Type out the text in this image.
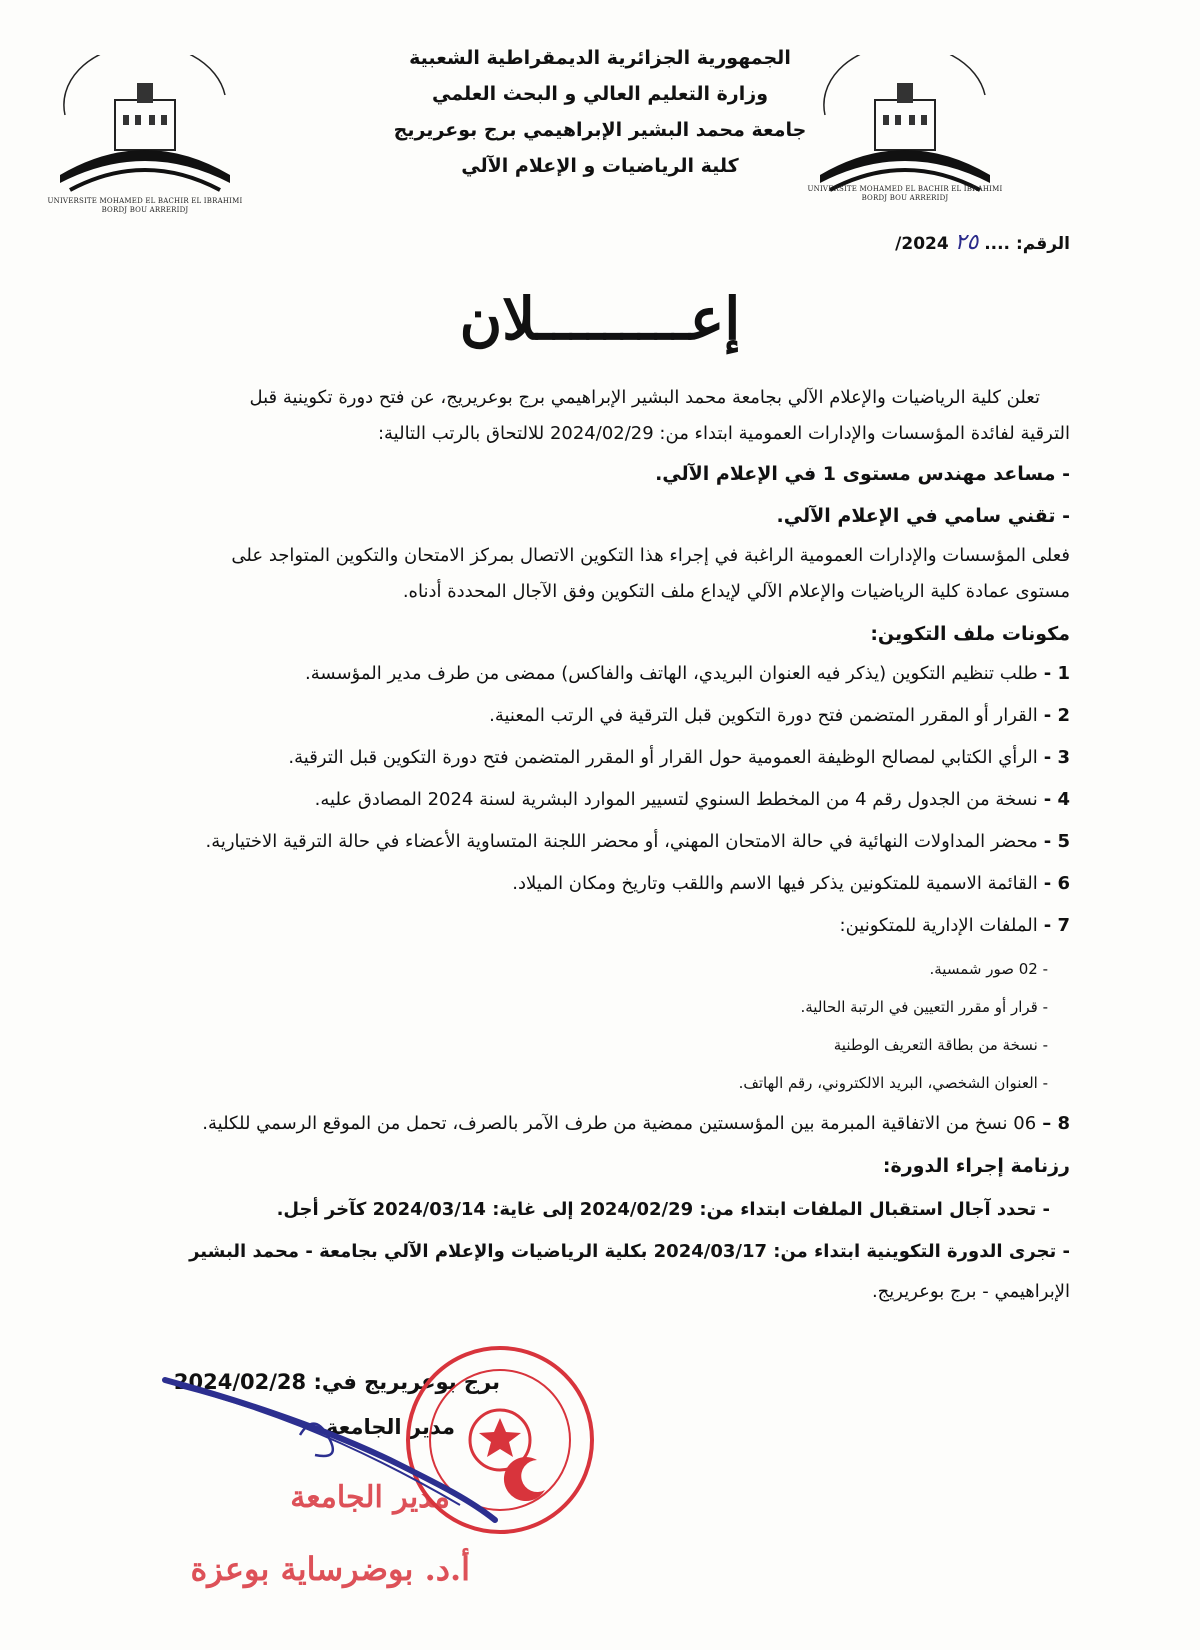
UNIVERSITE MOHAMED EL BACHIR EL IBRAHIMI
BORDJ BOU ARRERIDJ
UNIVERSITE MOHAMED EL BACHIR EL IBRAHIMI
BORDJ BOU ARRERIDJ
الجمهورية الجزائرية الديمقراطية الشعبية
وزارة التعليم العالي و البحث العلمي
جامعة محمد البشير الإبراهيمي برج بوعريريج
كلية الرياضيات و الإعلام الآلي
الرقم: .... ٢٥ /2024
إعـــــــــلان

تعلن كلية الرياضيات والإعلام الآلي بجامعة محمد البشير الإبراهيمي برج بوعريريج، عن فتح دورة تكوينية قبل

الترقية لفائدة المؤسسات والإدارات العمومية ابتداء من: 2024/02/29 للالتحاق بالرتب التالية:

- مساعد مهندس مستوى 1 في الإعلام الآلي.

- تقني سامي في الإعلام الآلي.

فعلى المؤسسات والإدارات العمومية الراغبة في إجراء هذا التكوين الاتصال بمركز الامتحان والتكوين المتواجد على

مستوى عمادة كلية الرياضيات والإعلام الآلي لإيداع ملف التكوين وفق الآجال المحددة أدناه.

مكونات ملف التكوين:

1 -طلب تنظيم التكوين (يذكر فيه العنوان البريدي، الهاتف والفاكس) ممضى من طرف مدير المؤسسة.
2 -القرار أو المقرر المتضمن فتح دورة التكوين قبل الترقية في الرتب المعنية.
3 -الرأي الكتابي لمصالح الوظيفة العمومية حول القرار أو المقرر المتضمن فتح دورة التكوين قبل الترقية.
4 -نسخة من الجدول رقم 4 من المخطط السنوي لتسيير الموارد البشرية لسنة 2024 المصادق عليه.
5 -محضر المداولات النهائية في حالة الامتحان المهني، أو محضر اللجنة المتساوية الأعضاء في حالة الترقية الاختيارية.
6 -القائمة الاسمية للمتكونين يذكر فيها الاسم واللقب وتاريخ ومكان الميلاد.
7 -الملفات الإدارية للمتكونين:
- 02 صور شمسية.
- قرار أو مقرر التعيين في الرتبة الحالية.
- نسخة من بطاقة التعريف الوطنية
- العنوان الشخصي، البريد الالكتروني، رقم الهاتف.
8 –06 نسخ من الاتفاقية المبرمة بين المؤسستين ممضية من طرف الآمر بالصرف، تحمل من الموقع الرسمي للكلية.

رزنامة إجراء الدورة:

- تحدد آجال استقبال الملفات ابتداء من: 2024/02/29 إلى غاية: 2024/03/14 كآخر أجل.

- تجرى الدورة التكوينية ابتداء من: 2024/03/17 بكلية الرياضيات والإعلام الآلي بجامعة - محمد البشير

الإبراهيمي - برج بوعريريج.

برج بوعريريج في: 2024/02/28
مدير الجامعة
مدير الجامعة
أ.د. بوضرساية بوعزة
